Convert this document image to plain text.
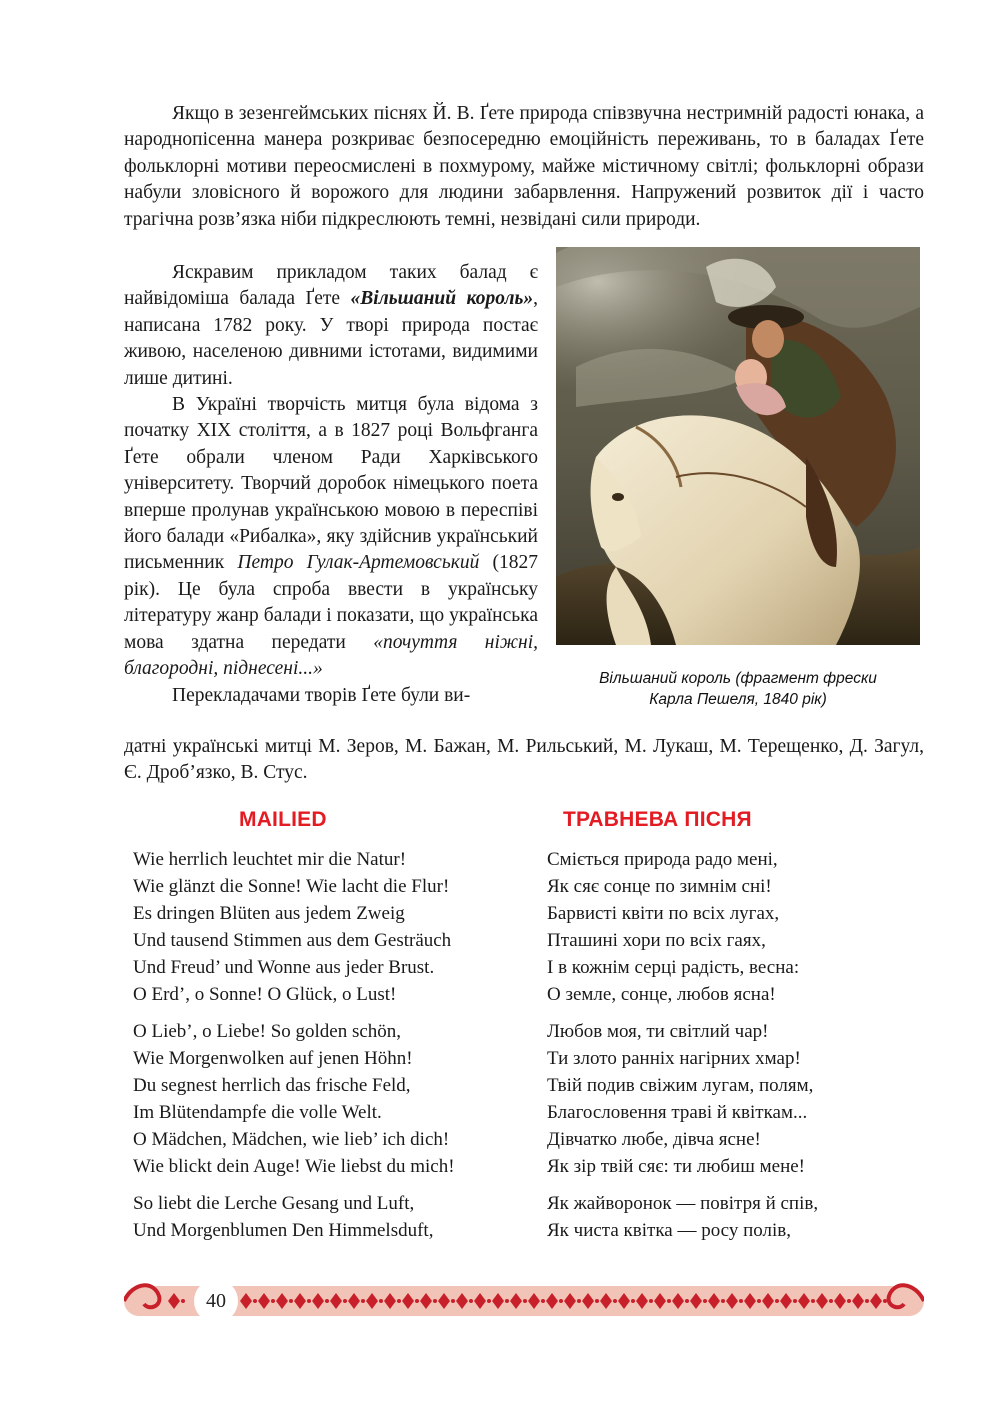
Якщо в зезенгеймських піснях Й. В. Ґете природа співзвучна нестримній радості юнака, а народнопісенна манера розкриває безпосередню емоційність переживань, то в баладах Ґете фольклорні мотиви переосмислені в похмурому, майже містичному світлі; фольклорні образи набули зловісного й ворожого для людини забарвлення. Напружений розвиток дії і часто трагічна розв’язка ніби підкреслюють темні, незвідані сили природи.

Яскравим прикладом таких балад є найвідоміша балада Ґете «Вільшаний король», написана 1782 року. У творі природа постає живою, населеною дивними істотами, видимими лише дитині.

В Україні творчість митця була відома з початку XIX століття, а в 1827 році Вольфганга Ґете обрали членом Ради Харківського університету. Творчий доробок німецького поета вперше пролунав українською мовою в переспіві його балади «Рибалка», яку здійснив український письменник Петро Гулак-Артемовський (1827 рік). Це була спроба ввести в українську літературу жанр балади і показати, що українська мова здатна передати «почуття ніжні, благородні, піднесені...»

Перекладачами творів Ґете були ви-

датні українські митці М. Зеров, М. Бажан, М. Рильський, М. Лукаш, М. Терещенко, Д. Загул, Є. Дроб’язко, В. Стус.

Вільшаний король (фрагмент фрески
Карла Пешеля, 1840 рік)
MAILIED	ТРАВНЕВА ПІСНЯ
Wie herrlich leuchtet mir die Natur!
Wie glänzt die Sonne! Wie lacht die Flur!
Es dringen Blüten aus jedem Zweig
Und tausend Stimmen aus dem Gesträuch
Und Freud’ und Wonne aus jeder Brust.
O Erd’, o Sonne! O Glück, o Lust!
O Lieb’, o Liebe! So golden schön,
Wie Morgenwolken auf jenen Höhn!
Du segnest herrlich das frische Feld,
Im Blütendampfe die volle Welt.
O Mädchen, Mädchen, wie lieb’ ich dich!
Wie blickt dein Auge! Wie liebst du mich!
So liebt die Lerche Gesang und Luft,
Und Morgenblumen Den Himmelsduft,
Сміється природа радо мені,
Як сяє сонце по зимнім сні!
Барвисті квіти по всіх лугах,
Пташині хори по всіх гаях,
І в кожнім серці радість, весна:
О земле, сонце, любов ясна!
Любов моя, ти світлий чар!
Ти злото ранніх нагірних хмар!
Твій подив свіжим лугам, полям,
Благословення траві й квіткам...
Дівчатко любе, дівча ясне!
Як зір твій сяє: ти любиш мене!
Як жайворонок — повітря й спів,
Як чиста квітка — росу полів,
40
